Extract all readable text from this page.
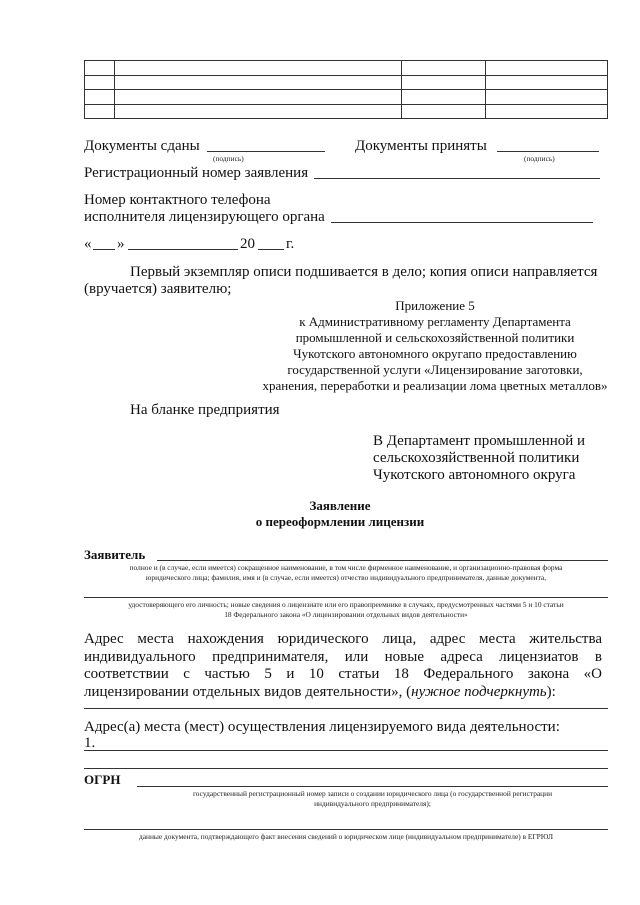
Документы сданы
(подпись)
Документы приняты
(подпись)
Регистрационный номер заявления
Номер контактного телефона
исполнителя лицензирующего органа
« »	20 г.
Первый экземпляр описи подшивается в дело; копия описи направляется
(вручается) заявителю;
Приложение 5
к Административному регламенту Департамента
промышленной и сельскохозяйственной политики
Чукотского автономного округапо предоставлению
государственной услуги «Лицензирование заготовки,
хранения, переработки и реализации лома цветных металлов»
На бланке предприятия
В Департамент промышленной и
сельскохозяйственной политики
Чукотского автономного округа
Заявление
о переоформлении лицензии
Заявитель
полное и (в случае, если имеется) сокращенное наименование, в том числе фирменное наименование, и организационно-правовая форма
юридического лица; фамилия, имя и (в случае, если имеется) отчество индивидуального предпринимателя, данные документа,
удостоверяющего его личность; новые сведения о лицензиате или его правопреемнике в случаях, предусмотренных частями 5 и 10 статьи
18 Федерального закона «О лицензировании отдельных видов деятельности»
Адрес места нахождения юридического лица, адрес места жительства
индивидуального предпринимателя, или новые адреса лицензиатов в
соответствии с частью 5 и 10 статьи 18 Федерального закона «О
лицензировании отдельных видов деятельности», (нужное подчеркнуть):
Адрес(а) места (мест) осуществления лицензируемого вида деятельности:
1.
ОГРН
государственный регистрационный номер записи о создании юридического лица (о государственной регистрации
индивидуального предпринимателя);
данные документа, подтверждающего факт внесения сведений о юридическом лице (индивидуальном предпринимателе) в ЕГРЮЛ
